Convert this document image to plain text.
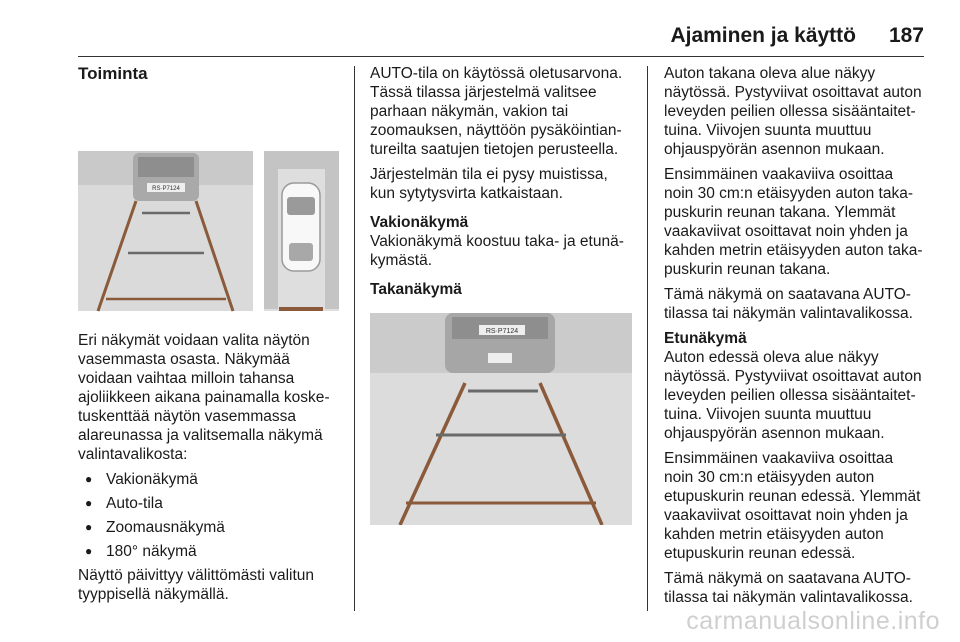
Ajaminen ja käyttö 187
Toiminta
RS·P7124

Eri näkymät voidaan valita näytön vasemmasta osasta. Näkymää voidaan vaihtaa milloin tahansa ajoliikkeen aikana painamalla kosketuskenttää näytön vasemmassa alareunassa ja valitsemalla näkymä valintavalikosta:

● Vakionäkymä
● Auto-tila
● Zoomausnäkymä
● 180° näkymä

Näyttö päivittyy välittömästi valitun tyyppisellä näkymällä.

AUTO-tila on käytössä oletusarvona. Tässä tilassa järjestelmä valitsee parhaan näkymän, vakion tai zoomauksen, näyttöön pysäköintiantureilta saatujen tietojen perusteella.

Järjestelmän tila ei pysy muistissa, kun sytytysvirta katkaistaan.

Vakionäkymä

Vakionäkymä koostuu taka- ja etunäkymästä.

Takanäkymä
RS·P7124

Auton takana oleva alue näkyy näytössä. Pystyviivat osoittavat auton leveyden peilien ollessa sisääntaitettuina. Viivojen suunta muuttuu ohjauspyörän asennon mukaan.

Ensimmäinen vaakaviiva osoittaa noin 30 cm:n etäisyyden auton takapuskurin reunan takana. Ylemmät vaakaviivat osoittavat noin yhden ja kahden metrin etäisyyden auton takapuskurin reunan takana.

Tämä näkymä on saatavana AUTO-tilassa tai näkymän valintavalikossa.

Etunäkymä

Auton edessä oleva alue näkyy näytössä. Pystyviivat osoittavat auton leveyden peilien ollessa sisääntaitettuina. Viivojen suunta muuttuu ohjauspyörän asennon mukaan.

Ensimmäinen vaakaviiva osoittaa noin 30 cm:n etäisyyden auton etupuskurin reunan edessä. Ylemmät vaakaviivat osoittavat noin yhden ja kahden metrin etäisyyden auton etupuskurin reunan edessä.

Tämä näkymä on saatavana AUTO-tilassa tai näkymän valintavalikossa.

carmanualsonline.info
